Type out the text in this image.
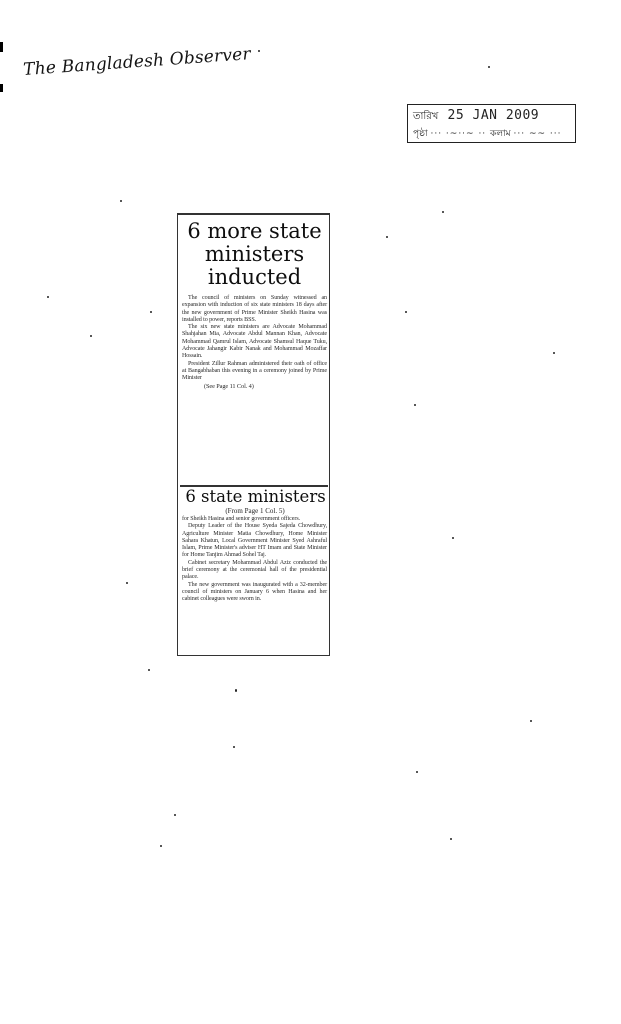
The Bangladesh Observer
তারিখ 25 JAN 2009
পৃষ্ঠা ··· ·~··~ ·· কলাম ··· ~~ ···
6 more state
ministers
inducted

The council of ministers on Sunday witnessed an expansion with induction of six state ministers 18 days after the new government of Prime Minister Sheikh Hasina was installed to power, reports BSS.

The six new state ministers are Advocate Mohammad Shahjahan Mia, Advocate Abdul Mannan Khan, Advocate Mohammad Qamrul Islam, Advocate Shamsul Haque Tuku, Advocate Jahangir Kabir Nanak and Mohammad Mozaffar Hossain.

President Zillur Rahman administered their oath of office at Bangabhaban this evening in a ceremony joined by Prime Minister

(See Page 11 Col. 4)
6 state ministers
(From Page 1 Col. 5)

for Sheikh Hasina and senior government officers.

Deputy Leader of the House Syeda Sajeda Chowdhury, Agriculture Minister Matia Chowdhury, Home Minister Sahara Khatun, Local Government Minister Syed Ashraful Islam, Prime Minister's adviser HT Imam and State Minister for Home Tanjim Ahmad Sohel Taj.

Cabinet secretary Mohammad Abdul Aziz conducted the brief ceremony at the ceremonial hall of the presidential palace.

The new government was inaugurated with a 32-member council of ministers on January 6 when Hasina and her cabinet colleagues were sworn in.
